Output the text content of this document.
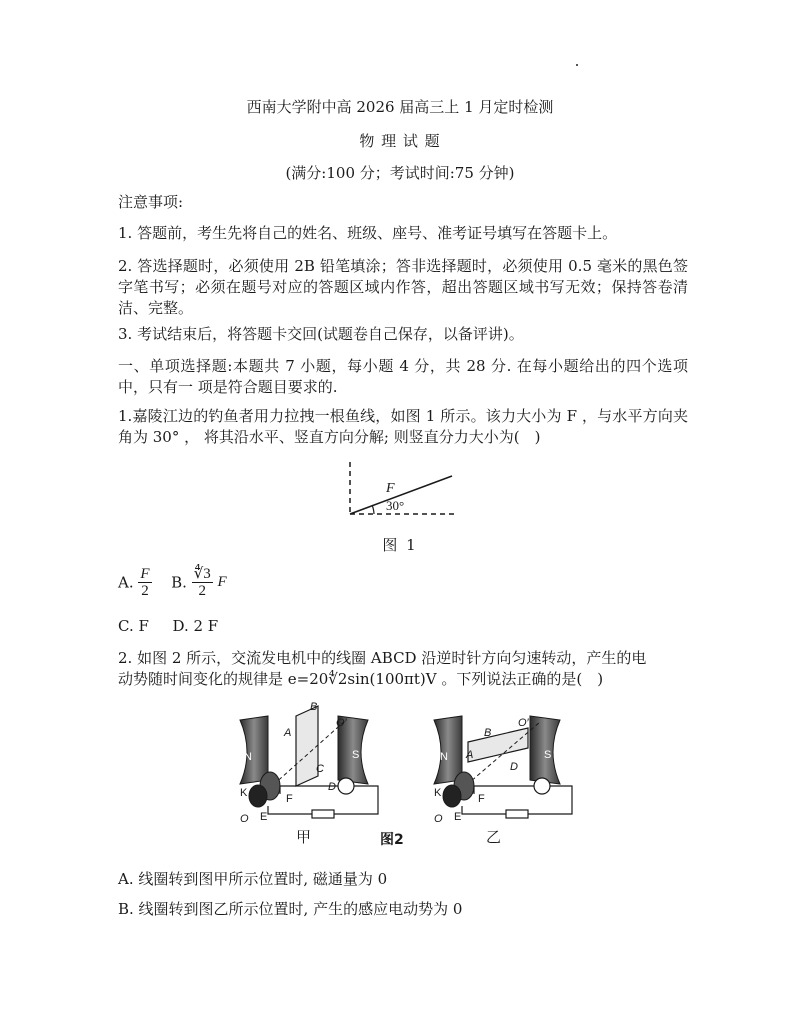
西南大学附中高 2026 届高三上 1 月定时检测
物 理 试 题
(满分:100 分；考试时间:75 分钟)
注意事项:
1. 答题前，考生先将自己的姓名、班级、座号、准考证号填写在答题卡上。
2. 答选择题时，必须使用 2B 铅笔填涂；答非选择题时，必须使用 0.5 毫米的黑色签字笔书写；必须在题号对应的答题区域内作答，超出答题区域书写无效；保持答卷清洁、完整。
3. 考试结束后，将答题卡交回(试题卷自己保存，以备评讲)。
一、单项选择题:本题共 7 小题，每小题 4 分，共 28 分. 在每小题给出的四个选项中，只有一 项是符合题目要求的.
1.嘉陵江边的钓鱼者用力拉拽一根鱼线，如图 1 所示。该力大小为 F ，与水平方向夹角为 30° ， 将其沿水平、竖直方向分解; 则竖直分力大小为(　)
F
30°
图 1
A. $\frac{F}{2} B$. $\frac{∜3}{2}$ F
C. F D. 2 F
2. 如图 2 所示，交流发电机中的线圈 ABCD 沿逆时针方向匀速转动，产生的电
动势随时间变化的规律是 e=20∜2sin(100πt)V 。下列说法正确的是(　)
N	S
A
B
C
D
O′
K	F
O E
甲	图2
N	S
A
B
D
O′
K	F
O E
乙
A. 线圈转到图甲所示位置时, 磁通量为 0
B. 线圈转到图乙所示位置时, 产生的感应电动势为 0
